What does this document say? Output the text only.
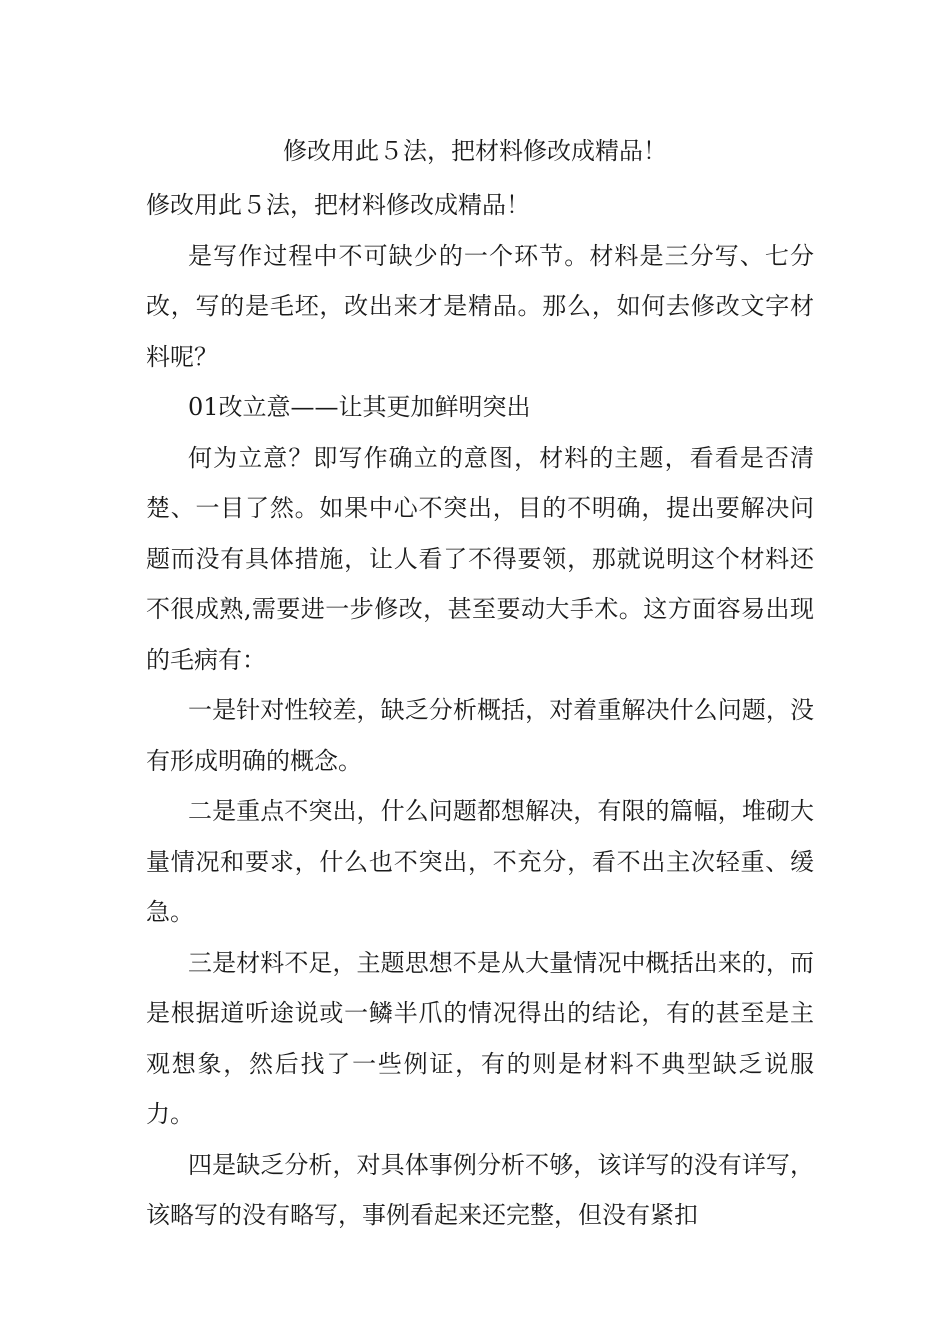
修改用此５法，把材料修改成精品！

修改用此５法，把材料修改成精品！

是写作过程中不可缺少的一个环节。材料是三分写、七分改，写的是毛坯，改出来才是精品。那么，如何去修改文字材料呢？

01改立意——让其更加鲜明突出

何为立意？即写作确立的意图，材料的主题，看看是否清楚、一目了然。如果中心不突出，目的不明确，提出要解决问题而没有具体措施，让人看了不得要领，那就说明这个材料还不很成熟,需要进一步修改，甚至要动大手术。这方面容易出现的毛病有：

一是针对性较差，缺乏分析概括，对着重解决什么问题，没有形成明确的概念。

二是重点不突出，什么问题都想解决，有限的篇幅，堆砌大量情况和要求，什么也不突出，不充分，看不出主次轻重、缓急。

三是材料不足，主题思想不是从大量情况中概括出来的，而是根据道听途说或一鳞半爪的情况得出的结论，有的甚至是主观想象，然后找了一些例证，有的则是材料不典型缺乏说服力。

四是缺乏分析，对具体事例分析不够，该详写的没有详写，该略写的没有略写，事例看起来还完整，但没有紧扣
